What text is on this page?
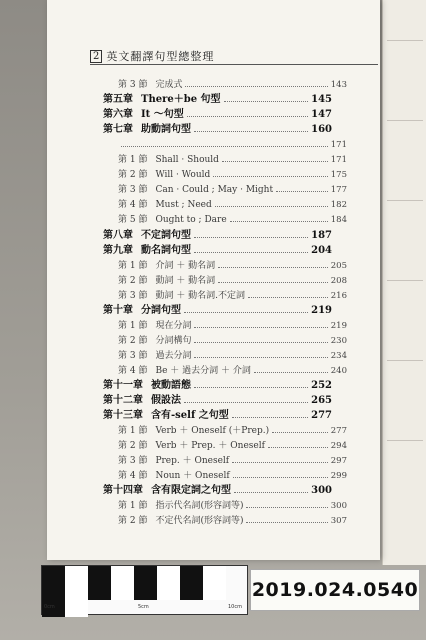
2 英文翻譯句型總整理
第 3 節 完成式	143
第五章 There＋be 句型	145
第六章 It ～句型	147
第七章 助動詞句型	160
171
第 1 節 Shall · Should	171
第 2 節 Will · Would	175
第 3 節 Can · Could ; May · Might	177
第 4 節 Must ; Need	182
第 5 節 Ought to ; Dare	184
第八章 不定詞句型	187
第九章 動名詞句型	204
第 1 節 介詞 ＋ 動名詞	205
第 2 節 動詞 ＋ 動名詞	208
第 3 節 動詞 ＋ 動名詞.不定詞	216
第十章 分詞句型	219
第 1 節 現在分詞	219
第 2 節 分詞構句	230
第 3 節 過去分詞	234
第 4 節 Be ＋ 過去分詞 ＋ 介詞	240
第十一章 被動語態	252
第十二章 假設法	265
第十三章 含有-self 之句型	277
第 1 節 Verb ＋ Oneself (＋Prep.)	277
第 2 節 Verb ＋ Prep. ＋ Oneself	294
第 3 節 Prep. ＋ Oneself	297
第 4 節 Noun ＋ Oneself	299
第十四章 含有限定詞之句型	300
第 1 節 指示代名詞(形容詞等)	300
第 2 節 不定代名詞(形容詞等)	307
0cm	5cm	10cm
2019.024.0540
